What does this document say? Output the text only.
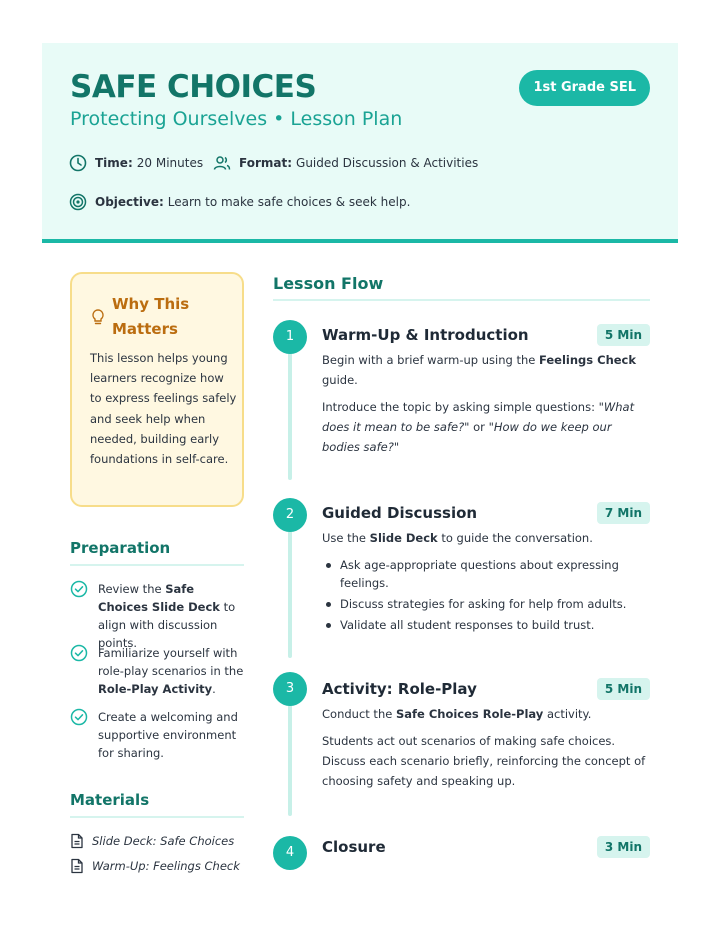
SAFE CHOICES
Protecting Ourselves • Lesson Plan
1st Grade SEL
Time: 20 Minutes	Format: Guided Discussion & Activities
Objective: Learn to make safe choices & seek help.
Why This Matters
This lesson helps young learners recognize how to express feelings safely and seek help when needed, building early foundations in self-care.
Preparation
Review the Safe Choices Slide Deck to align with discussion points.
Familiarize yourself with role-play scenarios in the Role-Play Activity.
Create a welcoming and supportive environment for sharing.
Materials
Slide Deck: Safe Choices
Warm-Up: Feelings Check
Lesson Flow
1	Warm-Up & Introduction	5 Min
Begin with a brief warm-up using the Feelings Check guide.
Introduce the topic by asking simple questions: "What does it mean to be safe?" or "How do we keep our bodies safe?"
2	Guided Discussion	7 Min
Use the Slide Deck to guide the conversation.
Ask age-appropriate questions about expressing feelings.
Discuss strategies for asking for help from adults.
Validate all student responses to build trust.
3	Activity: Role-Play	5 Min
Conduct the Safe Choices Role-Play activity.
Students act out scenarios of making safe choices. Discuss each scenario briefly, reinforcing the concept of choosing safety and speaking up.
4	Closure	3 Min
